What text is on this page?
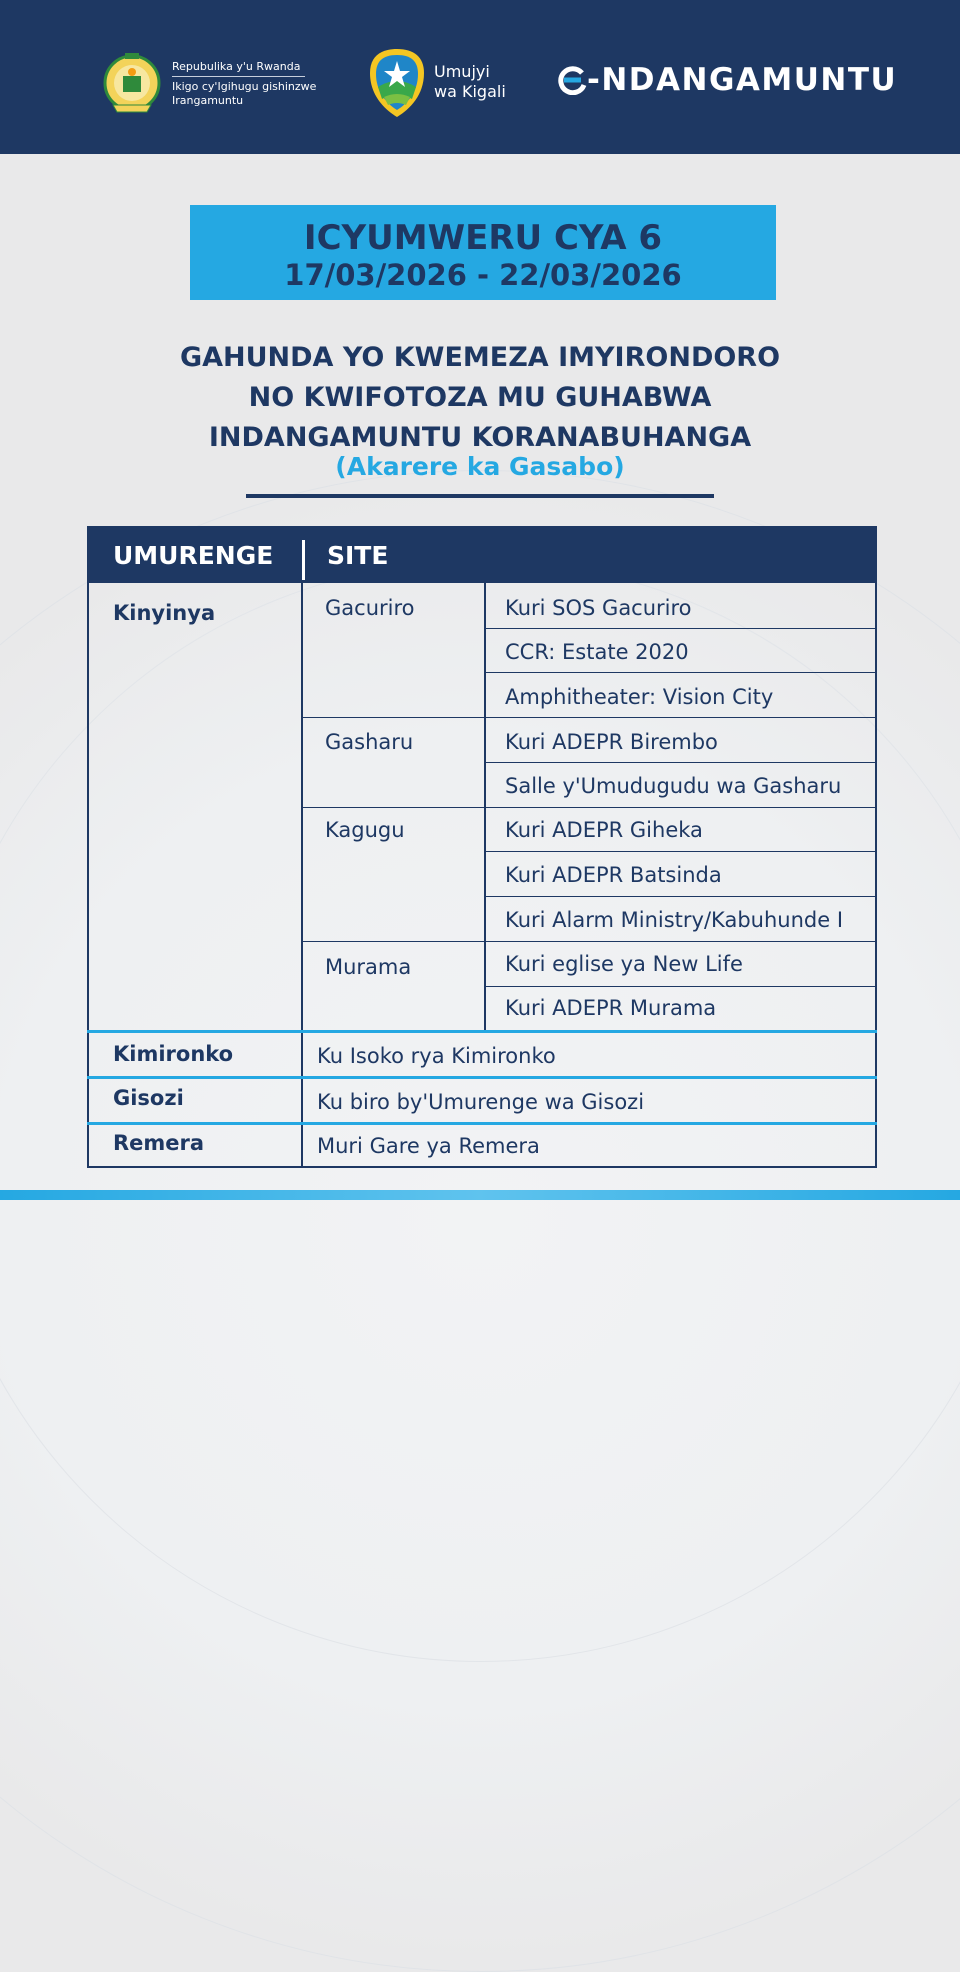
Repubulika y'u Rwanda
Ikigo cy'Igihugu gishinzwe
Irangamuntu
Umujyi
wa Kigali	-NDANGAMUNTU
ICYUMWERU CYA 6
17/03/2026 - 22/03/2026
GAHUNDA YO KWEMEZA IMYIRONDORO
NO KWIFOTOZA MU GUHABWA
INDANGAMUNTU KORANABUHANGA
(Akarere ka Gasabo)
UMURENGE SITE
Kinyinya	Gacuriro	Kuri SOS Gacuriro
CCR: Estate 2020
Amphitheater: Vision City
Gasharu	Kuri ADEPR Birembo
Salle y'Umudugudu wa Gasharu
Kagugu	Kuri ADEPR Giheka
Kuri ADEPR Batsinda
Kuri Alarm Ministry/Kabuhunde I
Murama	Kuri eglise ya New Life
Kuri ADEPR Murama
Kimironko	Ku Isoko rya Kimironko
Gisozi	Ku biro by'Umurenge wa Gisozi
Remera	Muri Gare ya Remera
